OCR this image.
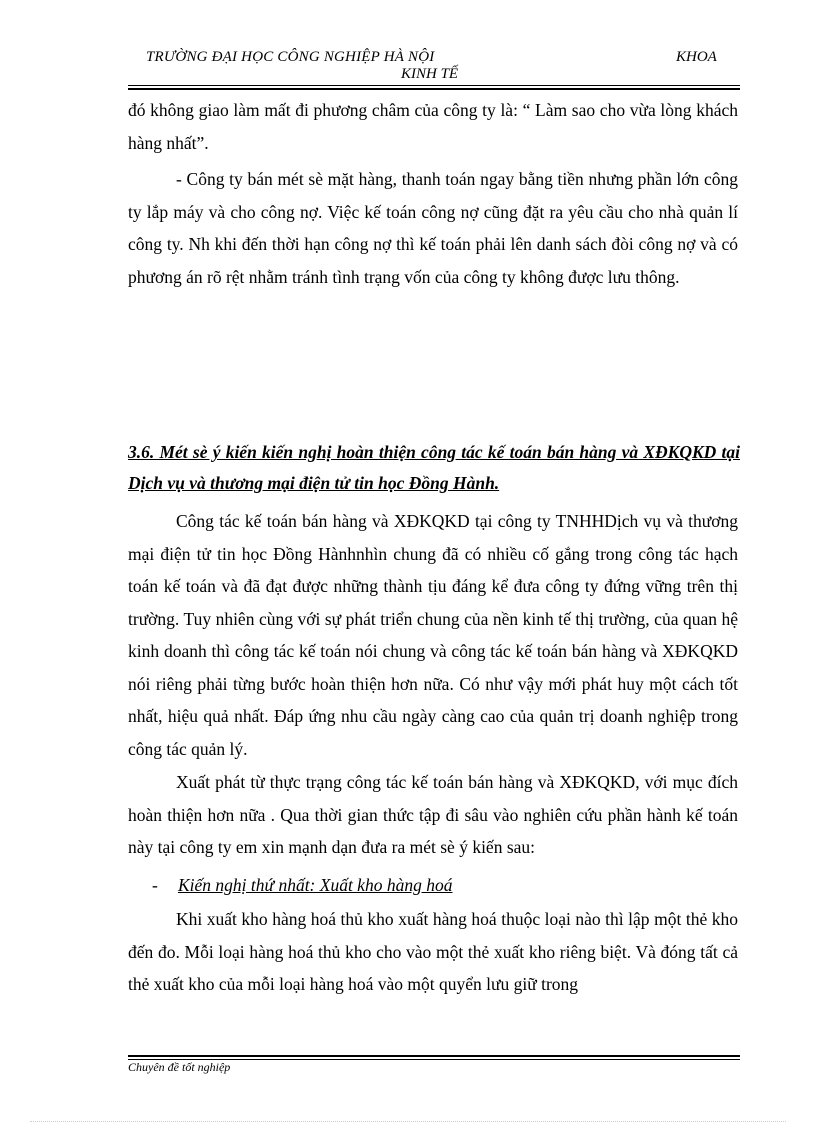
TRƯỜNG ĐẠI HỌC CÔNG NGHIỆP HÀ NỘI	KHOA
KINH TẾ
đó không giao làm mất đi phương châm của công ty là: “ Làm sao cho vừa lòng khách hàng nhất”.
- Công ty bán mét sè mặt hàng, thanh toán ngay bằng tiền nhưng phần lớn công ty lắp máy và cho công nợ. Việc kế toán công nợ cũng đặt ra yêu cầu cho nhà quản lí công ty. Nh khi đến thời hạn công nợ thì kế toán phải lên danh sách đòi công nợ và có phương án rõ rệt nhằm tránh tình trạng vốn của công ty không được lưu thông.
3.6. Mét sè ý kiến kiến nghị hoàn thiện công tác kế toán bán hàng và XĐKQKD tại Dịch vụ và thương mại điện tử tin học Đồng Hành.
Công tác kế toán bán hàng và XĐKQKD tại công ty TNHHDịch vụ và thương mại điện tử tin học Đồng Hànhnhìn chung đã có nhiều cố gắng trong công tác hạch toán kế toán và đã đạt được những thành tịu đáng kể đưa công ty đứng vững trên thị trường. Tuy nhiên cùng với sự phát triển chung của nền kinh tế thị trường, của quan hệ kinh doanh thì công tác kế toán nói chung và công tác kế toán bán hàng và XĐKQKD nói riêng phải từng bước hoàn thiện hơn nữa. Có như vậy mới phát huy một cách tốt nhất, hiệu quả nhất. Đáp ứng nhu cầu ngày càng cao của quản trị doanh nghiệp trong công tác quản lý.
Xuất phát từ thực trạng công tác kế toán bán hàng và XĐKQKD, với mục đích hoàn thiện hơn nữa . Qua thời gian thức tập đi sâu vào nghiên cứu phần hành kế toán này tại công ty em xin mạnh dạn đưa ra mét sè ý kiến sau:
- Kiến nghị thứ nhất: Xuất kho hàng hoá
Khi xuất kho hàng hoá thủ kho xuất hàng hoá thuộc loại nào thì lập một thẻ kho đến đo. Mỗi loại hàng hoá thủ kho cho vào một thẻ xuất kho riêng biệt. Và đóng tất cả thẻ xuất kho của mỗi loại hàng hoá vào một quyển lưu giữ trong
Chuyên đề tốt nghiệp
